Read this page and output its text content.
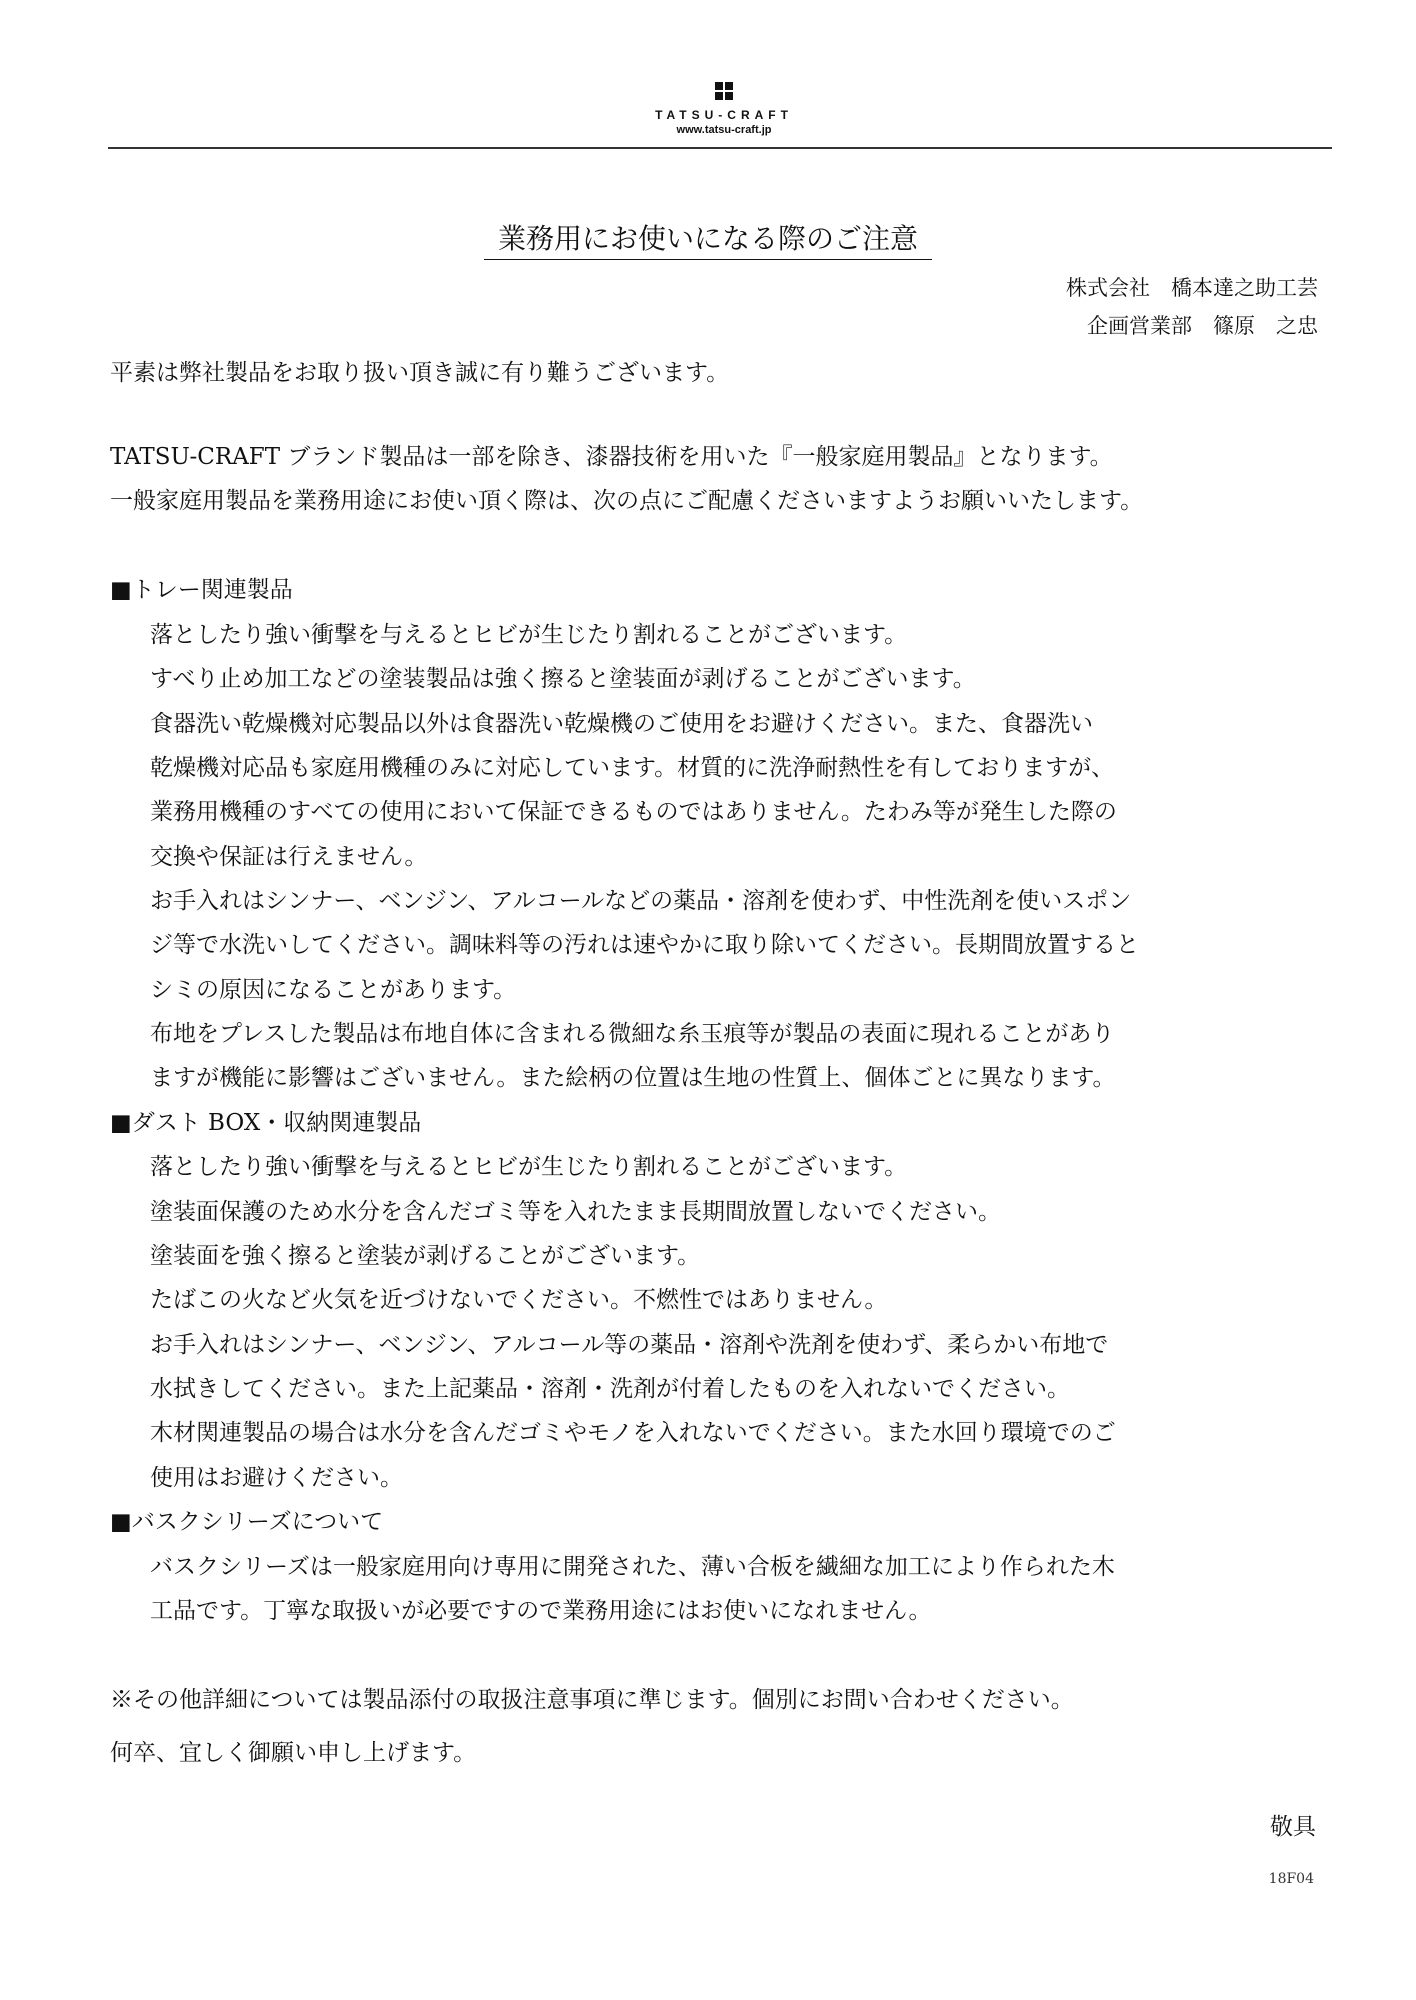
TATSU-CRAFT
www.tatsu-craft.jp
業務用にお使いになる際のご注意
株式会社　橋本達之助工芸
企画営業部　篠原　之忠
平素は弊社製品をお取り扱い頂き誠に有り難うございます。
TATSU-CRAFT ブランド製品は一部を除き、漆器技術を用いた『一般家庭用製品』となります。
一般家庭用製品を業務用途にお使い頂く際は、次の点にご配慮くださいますようお願いいたします。
■トレー関連製品
落としたり強い衝撃を与えるとヒビが生じたり割れることがございます。
すべり止め加工などの塗装製品は強く擦ると塗装面が剥げることがございます。
食器洗い乾燥機対応製品以外は食器洗い乾燥機のご使用をお避けください。また、食器洗い
乾燥機対応品も家庭用機種のみに対応しています。材質的に洗浄耐熱性を有しておりますが、
業務用機種のすべての使用において保証できるものではありません。たわみ等が発生した際の
交換や保証は行えません。
お手入れはシンナー、ベンジン、アルコールなどの薬品・溶剤を使わず、中性洗剤を使いスポン
ジ等で水洗いしてください。調味料等の汚れは速やかに取り除いてください。長期間放置すると
シミの原因になることがあります。
布地をプレスした製品は布地自体に含まれる微細な糸玉痕等が製品の表面に現れることがあり
ますが機能に影響はございません。また絵柄の位置は生地の性質上、個体ごとに異なります。
■ダスト BOX・収納関連製品
落としたり強い衝撃を与えるとヒビが生じたり割れることがございます。
塗装面保護のため水分を含んだゴミ等を入れたまま長期間放置しないでください。
塗装面を強く擦ると塗装が剥げることがございます。
たばこの火など火気を近づけないでください。不燃性ではありません。
お手入れはシンナー、ベンジン、アルコール等の薬品・溶剤や洗剤を使わず、柔らかい布地で
水拭きしてください。また上記薬品・溶剤・洗剤が付着したものを入れないでください。
木材関連製品の場合は水分を含んだゴミやモノを入れないでください。また水回り環境でのご
使用はお避けください。
■バスクシリーズについて
バスクシリーズは一般家庭用向け専用に開発された、薄い合板を繊細な加工により作られた木
工品です。丁寧な取扱いが必要ですので業務用途にはお使いになれません。
※その他詳細については製品添付の取扱注意事項に準じます。個別にお問い合わせください。
何卒、宜しく御願い申し上げます。
敬具
18F04
